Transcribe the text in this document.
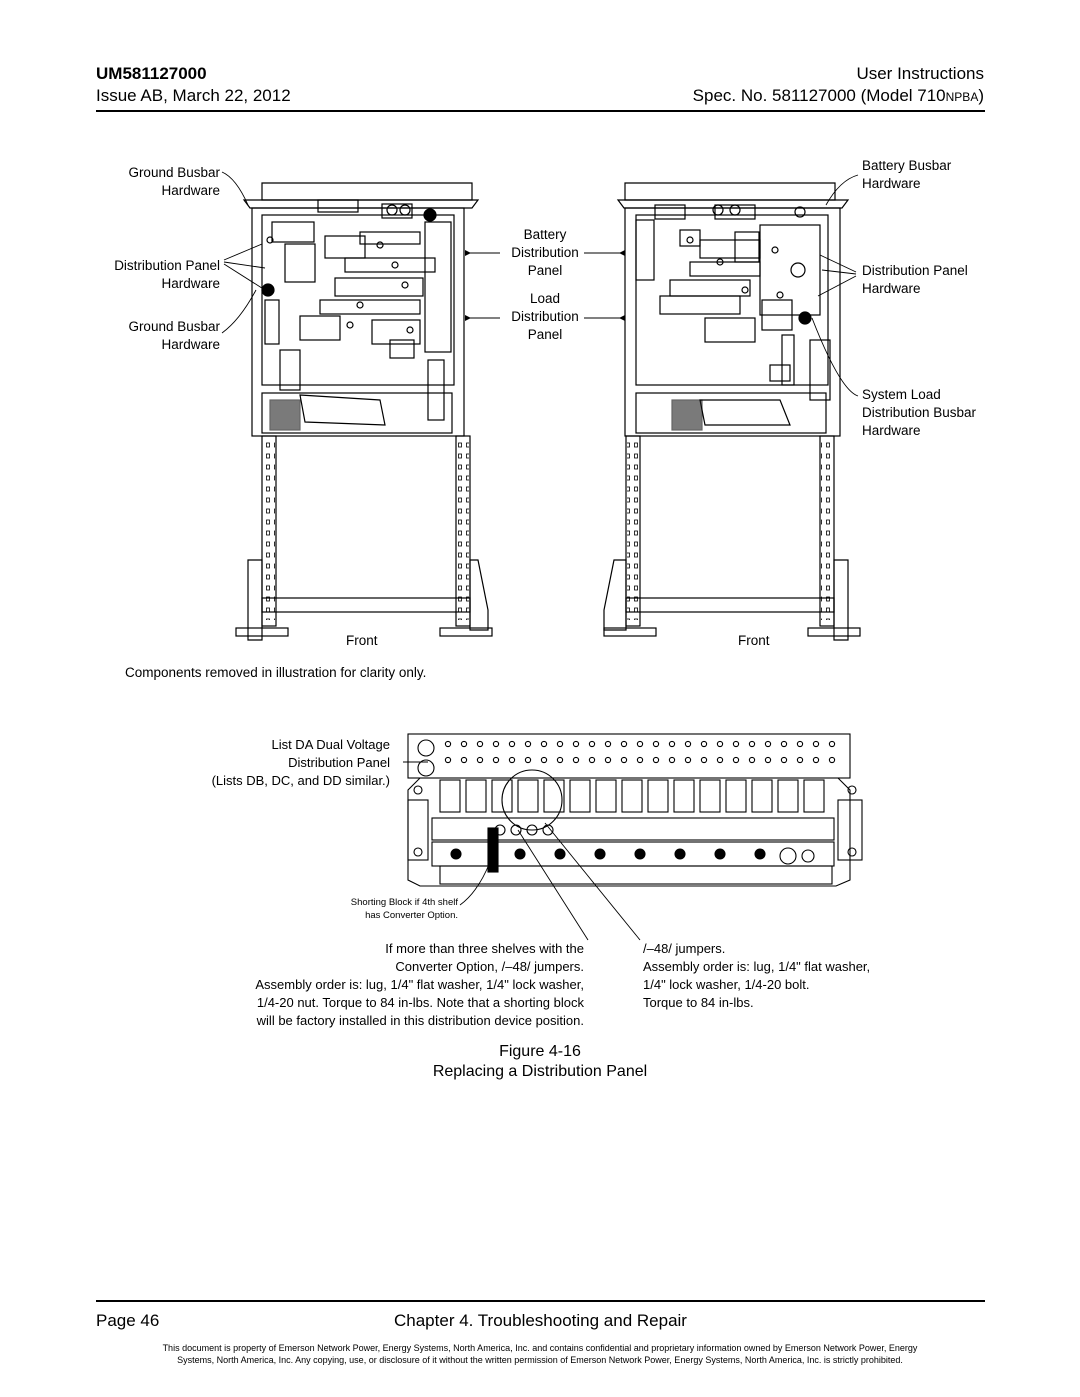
UM581127000	User Instructions
Issue AB, March 22, 2012	Spec. No. 581127000 (Model 710NPBA)
Ground Busbar
Hardware
Distribution Panel
Hardware
Ground Busbar
Hardware
Battery
Distribution
Panel
Load
Distribution
Panel
Battery Busbar
Hardware
Distribution Panel
Hardware
System Load
Distribution Busbar
Hardware
Front	Front
Components removed in illustration for clarity only.
List DA Dual Voltage
Distribution Panel
(Lists DB, DC, and DD similar.)
Shorting Block if 4th shelf
has Converter Option.
If more than three shelves with the
Converter Option, /–48/ jumpers.
Assembly order is: lug, 1/4" flat washer, 1/4" lock washer,
1/4-20 nut. Torque to 84 in-lbs. Note that a shorting block
will be factory installed in this distribution device position.
/–48/ jumpers.
Assembly order is: lug, 1/4" flat washer,
1/4" lock washer, 1/4-20 bolt.
Torque to 84 in-lbs.
Figure 4-16
Replacing a Distribution Panel
Page 46	Chapter 4. Troubleshooting and Repair
This document is property of Emerson Network Power, Energy Systems, North America, Inc. and contains confidential and proprietary information owned by Emerson Network Power, Energy
Systems, North America, Inc. Any copying, use, or disclosure of it without the written permission of Emerson Network Power, Energy Systems, North America, Inc. is strictly prohibited.
